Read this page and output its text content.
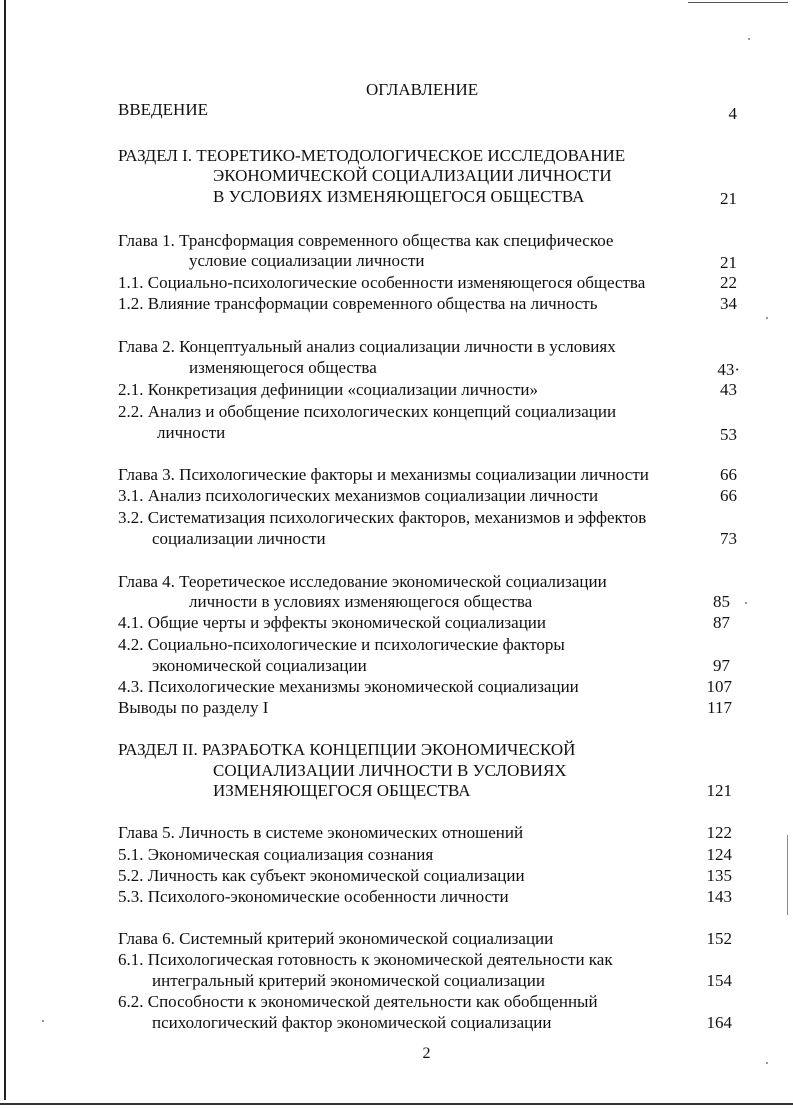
ОГЛАВЛЕНИЕ
ВВЕДЕНИЕ	4
РАЗДЕЛ I. ТЕОРЕТИКО-МЕТОДОЛОГИЧЕСКОЕ ИССЛЕДОВАНИЕ
ЭКОНОМИЧЕСКОЙ СОЦИАЛИЗАЦИИ ЛИЧНОСТИ
В УСЛОВИЯХ ИЗМЕНЯЮЩЕГОСЯ ОБЩЕСТВА	21
Глава 1. Трансформация современного общества как специфическое
условие социализации личности	21
1.1. Социально-психологические особенности изменяющегося общества	22
1.2. Влияние трансформации современного общества на личность	34
Глава 2. Концептуальный анализ социализации личности в условиях
изменяющегося общества	43·
2.1. Конкретизация дефиниции «социализации личности»	43
2.2. Анализ и обобщение психологических концепций социализации
личности	53
Глава 3. Психологические факторы и механизмы социализации личности	66
3.1. Анализ психологических механизмов социализации личности	66
3.2. Систематизация психологических факторов, механизмов и эффектов
социализации личности	73
Глава 4. Теоретическое исследование экономической социализации
личности в условиях изменяющегося общества	85
4.1. Общие черты и эффекты экономической социализации	87
4.2. Социально-психологические и психологические факторы
экономической социализации	97
4.3. Психологические механизмы экономической социализации	107
Выводы по разделу I	117
РАЗДЕЛ II. РАЗРАБОТКА КОНЦЕПЦИИ ЭКОНОМИЧЕСКОЙ
СОЦИАЛИЗАЦИИ ЛИЧНОСТИ В УСЛОВИЯХ
ИЗМЕНЯЮЩЕГОСЯ ОБЩЕСТВА	121
Глава 5. Личность в системе экономических отношений	122
5.1. Экономическая социализация сознания	124
5.2. Личность как субъект экономической социализации	135
5.3. Психолого-экономические особенности личности	143
Глава 6. Системный критерий экономической социализации	152
6.1. Психологическая готовность к экономической деятельности как
интегральный критерий экономической социализации	154
6.2. Способности к экономической деятельности как обобщенный
психологический фактор экономической социализации	164
2
